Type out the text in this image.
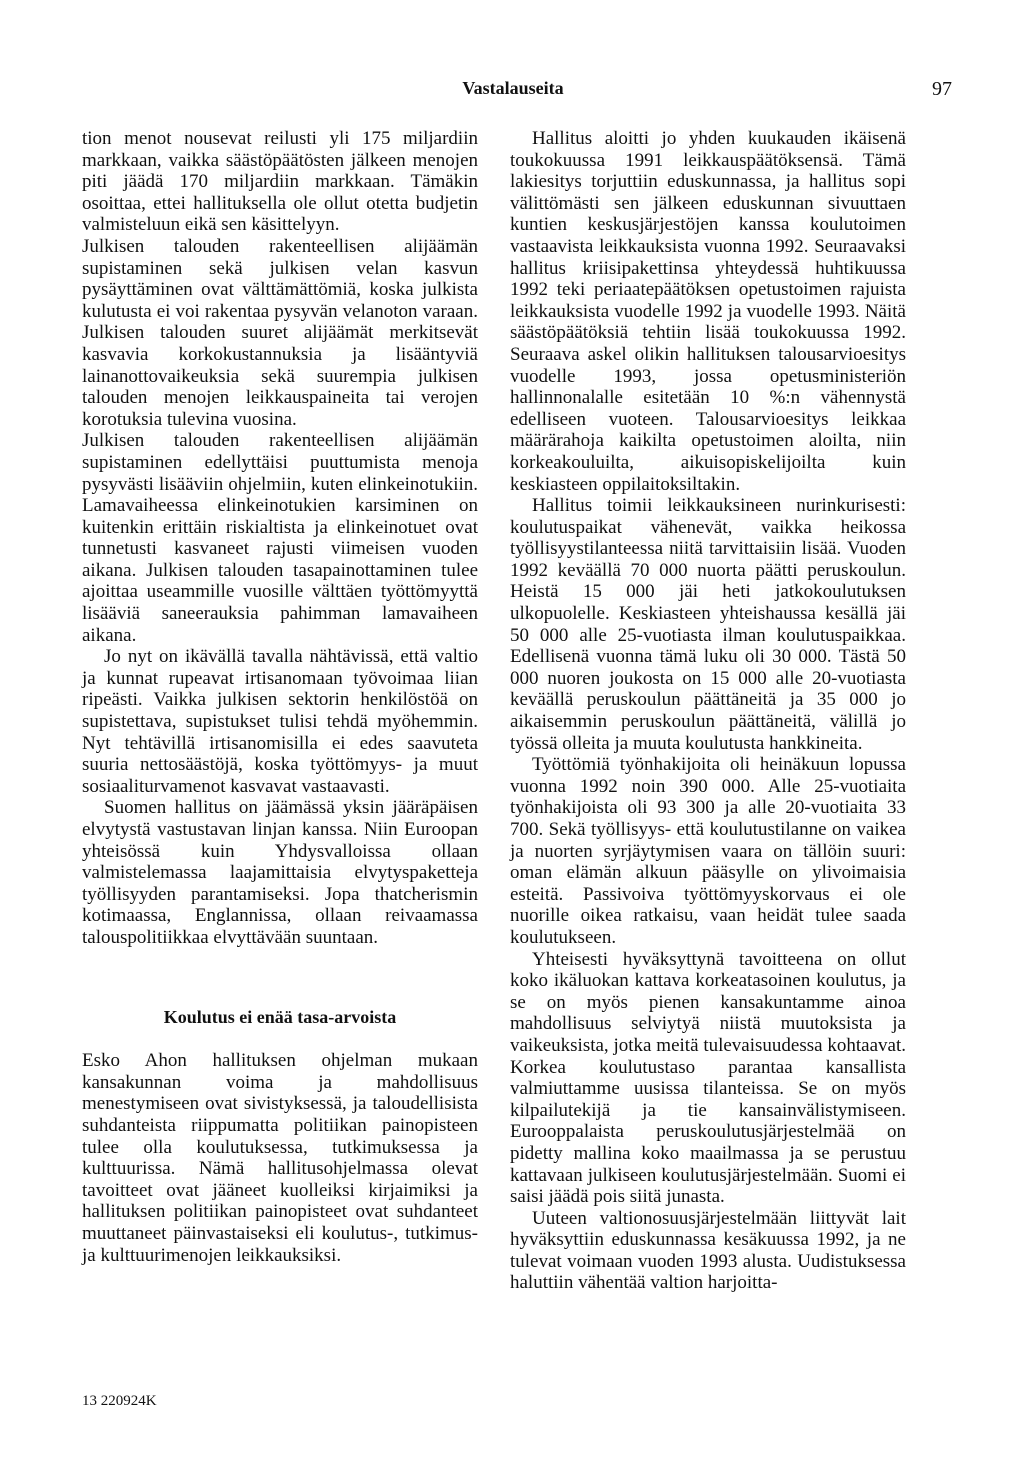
Vastalauseita	97

tion menot nousevat reilusti yli 175 miljardiin markkaan, vaikka säästöpäätösten jälkeen menojen piti jäädä 170 miljardiin markkaan. Tämäkin osoittaa, ettei hallituksella ole ollut otetta budjetin valmisteluun eikä sen käsittelyyn.

Julkisen talouden rakenteellisen alijäämän supistaminen sekä julkisen velan kasvun pysäyttäminen ovat välttämättömiä, koska julkista kulutusta ei voi rakentaa pysyvän velanoton varaan. Julkisen talouden suuret alijäämät merkitsevät kasvavia korkokustannuksia ja lisääntyviä lainanottovaikeuksia sekä suurempia julkisen talouden menojen leikkauspaineita tai verojen korotuksia tulevina vuosina.

Julkisen talouden rakenteellisen alijäämän supistaminen edellyttäisi puuttumista menoja pysyvästi lisääviin ohjelmiin, kuten elinkeinotukiin. Lamavaiheessa elinkeinotukien karsiminen on kuitenkin erittäin riskialtista ja elinkeinotuet ovat tunnetusti kasvaneet rajusti viimeisen vuoden aikana. Julkisen talouden tasapainottaminen tulee ajoittaa useammille vuosille välttäen työttömyyttä lisääviä saneerauksia pahimman lamavaiheen aikana.

Jo nyt on ikävällä tavalla nähtävissä, että valtio ja kunnat rupeavat irtisanomaan työvoimaa liian ripeästi. Vaikka julkisen sektorin henkilöstöä on supistettava, supistukset tulisi tehdä myöhemmin. Nyt tehtävillä irtisanomisilla ei edes saavuteta suuria nettosäästöjä, koska työttömyys- ja muut sosiaaliturvamenot kasvavat vastaavasti.

Suomen hallitus on jäämässä yksin jääräpäisen elvytystä vastustavan linjan kanssa. Niin Euroopan yhteisössä kuin Yhdysvalloissa ollaan valmistelemassa laajamittaisia elvytyspaketteja työllisyyden parantamiseksi. Jopa thatcherismin kotimaassa, Englannissa, ollaan reivaamassa talouspolitiikkaa elvyttävään suuntaan.

Koulutus ei enää tasa-arvoista

Esko Ahon hallituksen ohjelman mukaan kansakunnan voima ja mahdollisuus menestymiseen ovat sivistyksessä, ja taloudellisista suhdanteista riippumatta politiikan painopisteen tulee olla koulutuksessa, tutkimuksessa ja kulttuurissa. Nämä hallitusohjelmassa olevat tavoitteet ovat jääneet kuolleiksi kirjaimiksi ja hallituksen politiikan painopisteet ovat suhdanteet muuttaneet päinvastaiseksi eli koulutus-, tutkimus- ja kulttuurimenojen leikkauksiksi.

Hallitus aloitti jo yhden kuukauden ikäisenä toukokuussa 1991 leikkauspäätöksensä. Tämä lakiesitys torjuttiin eduskunnassa, ja hallitus sopi välittömästi sen jälkeen eduskunnan sivuuttaen kuntien keskusjärjestöjen kanssa koulutoimen vastaavista leikkauksista vuonna 1992. Seuraavaksi hallitus kriisipakettinsa yhteydessä huhtikuussa 1992 teki periaatepäätöksen opetustoimen rajuista leikkauksista vuodelle 1992 ja vuodelle 1993. Näitä säästöpäätöksiä tehtiin lisää toukokuussa 1992. Seuraava askel olikin hallituksen talousarvioesitys vuodelle 1993, jossa opetusministeriön hallinnonalalle esitetään 10 %:n vähennystä edelliseen vuoteen. Talousarvioesitys leikkaa määrärahoja kaikilta opetustoimen aloilta, niin korkeakouluilta, aikuisopiskelijoilta kuin keskiasteen oppilaitoksiltakin.

Hallitus toimii leikkauksineen nurinkurisesti: koulutuspaikat vähenevät, vaikka heikossa työllisyystilanteessa niitä tarvittaisiin lisää. Vuoden 1992 keväällä 70 000 nuorta päätti peruskoulun. Heistä 15 000 jäi heti jatkokoulutuksen ulkopuolelle. Keskiasteen yhteishaussa kesällä jäi 50 000 alle 25-vuotiasta ilman koulutuspaikkaa. Edellisenä vuonna tämä luku oli 30 000. Tästä 50 000 nuoren joukosta on 15 000 alle 20-vuotiasta keväällä peruskoulun päättäneitä ja 35 000 jo aikaisemmin peruskoulun päättäneitä, välillä jo työssä olleita ja muuta koulutusta hankkineita.

Työttömiä työnhakijoita oli heinäkuun lopussa vuonna 1992 noin 390 000. Alle 25-vuotiaita työnhakijoista oli 93 300 ja alle 20-vuotiaita 33 700. Sekä työllisyys- että koulutustilanne on vaikea ja nuorten syrjäytymisen vaara on tällöin suuri: oman elämän alkuun pääsylle on ylivoimaisia esteitä. Passivoiva työttömyyskorvaus ei ole nuorille oikea ratkaisu, vaan heidät tulee saada koulutukseen.

Yhteisesti hyväksyttynä tavoitteena on ollut koko ikäluokan kattava korkeatasoinen koulutus, ja se on myös pienen kansakuntamme ainoa mahdollisuus selviytyä niistä muutoksista ja vaikeuksista, jotka meitä tulevaisuudessa kohtaavat. Korkea koulutustaso parantaa kansallista valmiuttamme uusissa tilanteissa. Se on myös kilpailutekijä ja tie kansainvälistymiseen. Eurooppalaista peruskoulutusjärjestelmää on pidetty mallina koko maailmassa ja se perustuu kattavaan julkiseen koulutusjärjestelmään. Suomi ei saisi jäädä pois siitä junasta.

Uuteen valtionosuusjärjestelmään liittyvät lait hyväksyttiin eduskunnassa kesäkuussa 1992, ja ne tulevat voimaan vuoden 1993 alusta. Uudistuksessa haluttiin vähentää valtion harjoitta-

13 220924K
